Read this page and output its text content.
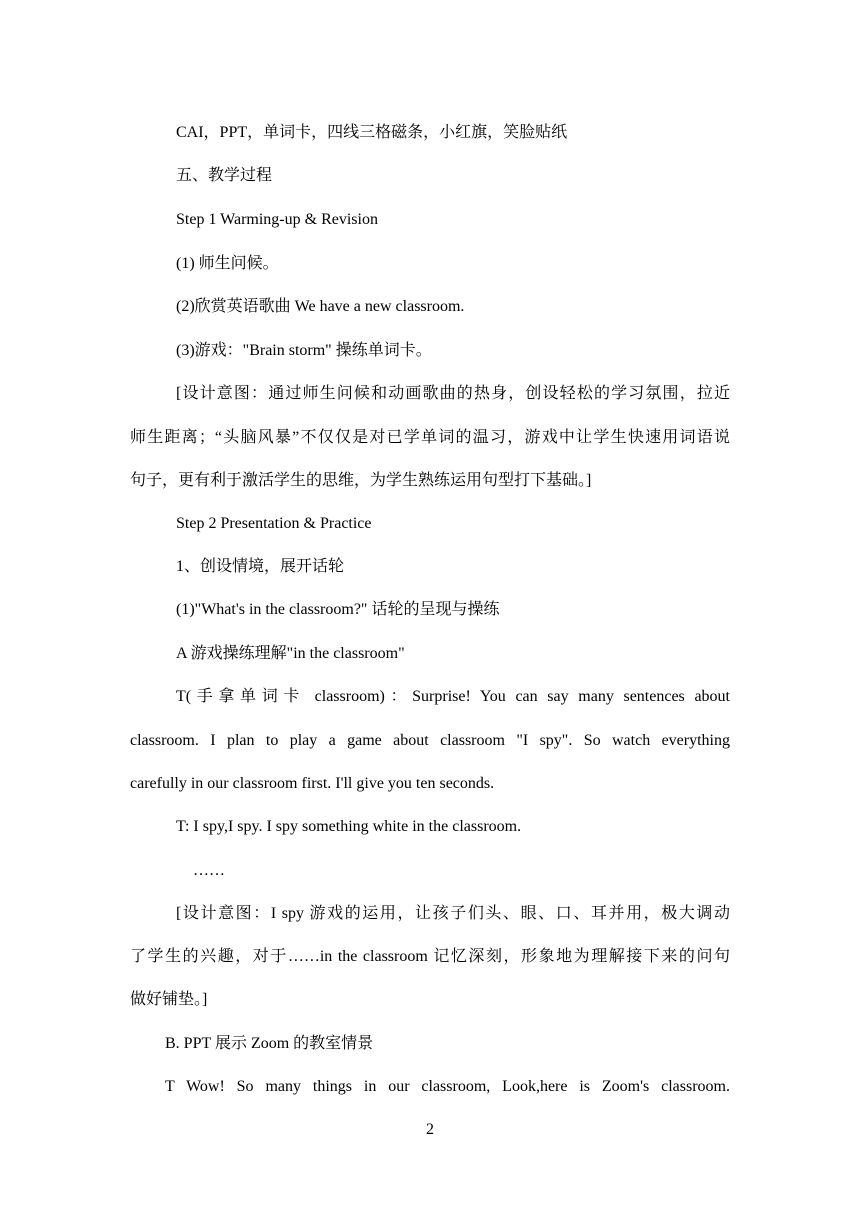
CAI，PPT，单词卡，四线三格磁条，小红旗，笑脸贴纸
五、教学过程
Step 1 Warming-up & Revision
(1) 师生问候。
(2)欣赏英语歌曲 We have a new classroom.
(3)游戏："Brain storm" 操练单词卡。
[设计意图：通过师生问候和动画歌曲的热身，创设轻松的学习氛围，拉近
师生距离；“头脑风暴”不仅仅是对已学单词的温习，游戏中让学生快速用词语说
句子，更有利于激活学生的思维，为学生熟练运用句型打下基础。]
Step 2 Presentation & Practice
1、创设情境，展开话轮
(1)"What's in the classroom?" 话轮的呈现与操练
A 游戏操练理解"in the classroom"
T(手拿单词卡 classroom)：Surprise! You can say many sentences about
classroom. I plan to play a game about classroom "I spy". So watch everything
carefully in our classroom first. I'll give you ten seconds.
T: I spy,I spy. I spy something white in the classroom.
……
[设计意图：I spy 游戏的运用，让孩子们头、眼、口、耳并用，极大调动
了学生的兴趣，对于……in the classroom 记忆深刻，形象地为理解接下来的问句
做好铺垫。]
B. PPT 展示 Zoom 的教室情景
T Wow! So many things in our classroom, Look,here is Zoom's classroom.
2
